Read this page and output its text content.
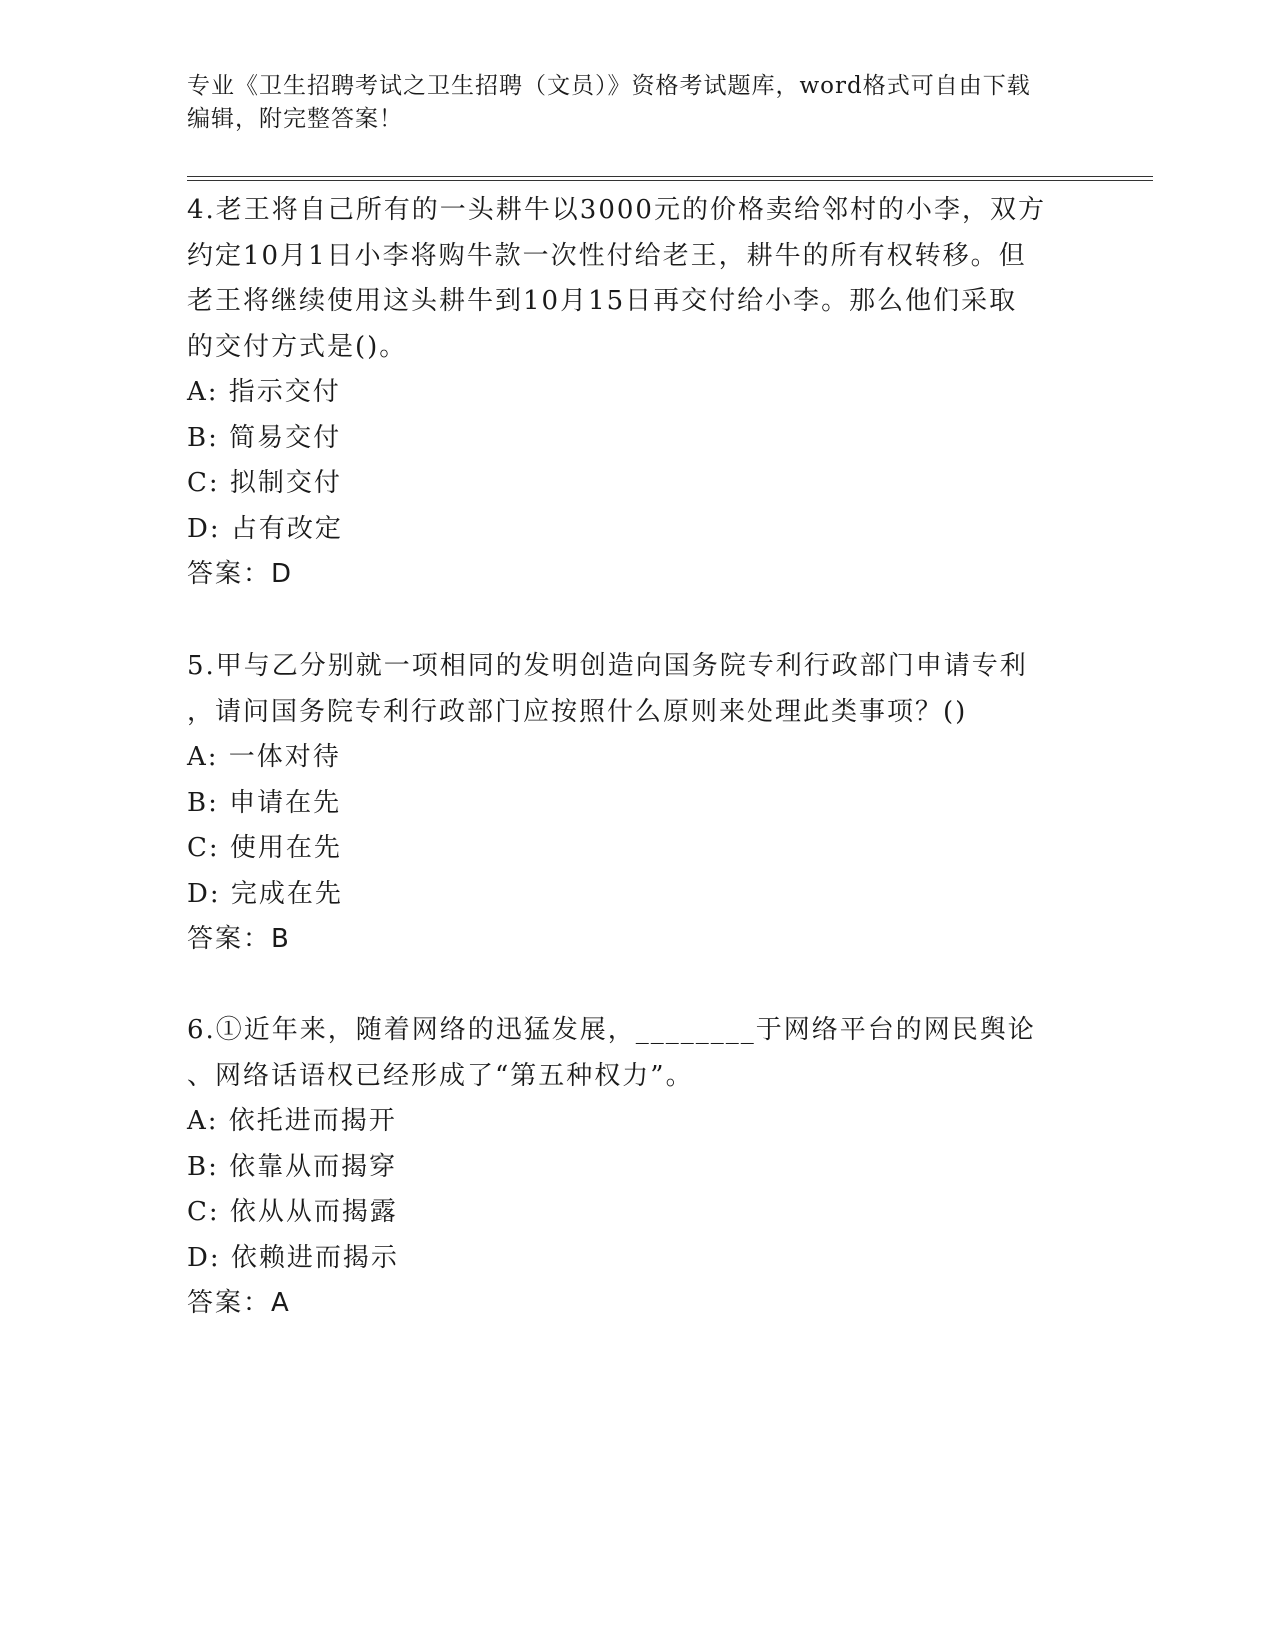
专业《卫生招聘考试之卫生招聘（文员）》资格考试题库，word格式可自由下载
编辑，附完整答案！
4.老王将自己所有的一头耕牛以3000元的价格卖给邻村的小李，双方
约定10月1日小李将购牛款一次性付给老王，耕牛的所有权转移。但
老王将继续使用这头耕牛到10月15日再交付给小李。那么他们采取
的交付方式是()。
A: 指示交付
B: 简易交付
C: 拟制交付
D: 占有改定
答案：D
5.甲与乙分别就一项相同的发明创造向国务院专利行政部门申请专利
，请问国务院专利行政部门应按照什么原则来处理此类事项？()
A: 一体对待
B: 申请在先
C: 使用在先
D: 完成在先
答案：B
6.①近年来，随着网络的迅猛发展，________于网络平台的网民舆论
、网络话语权已经形成了“第五种权力”。
A: 依托进而揭开
B: 依靠从而揭穿
C: 依从从而揭露
D: 依赖进而揭示
答案：A
